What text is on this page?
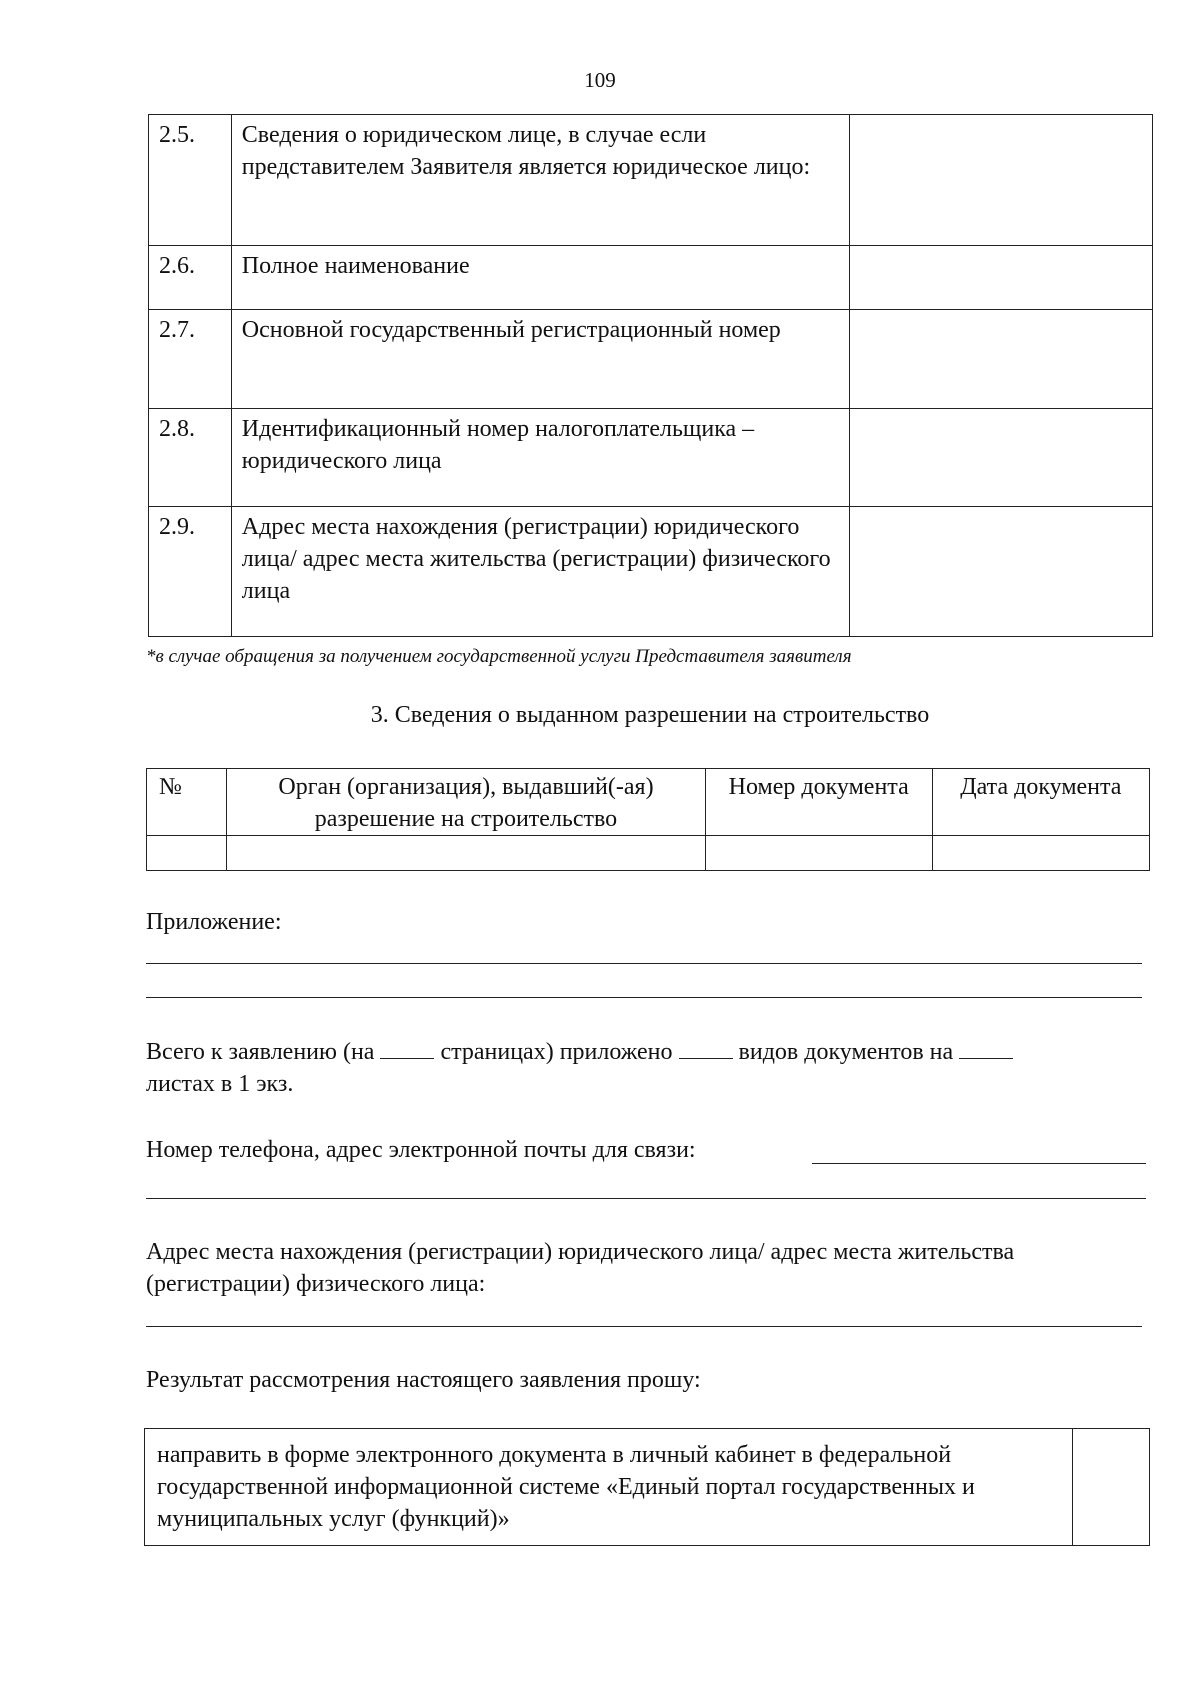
109
2.5.	Сведения о юридическом лице, в случае если представителем Заявителя является юридическое лицо:	
2.6.	Полное наименование	
2.7.	Основной государственный регистрационный номер	
2.8.	Идентификационный номер налогоплательщика – юридического лица	
2.9.	Адрес места нахождения (регистрации) юридического лица/ адрес места жительства (регистрации) физического лица	
*в случае обращения за получением государственной услуги Представителя заявителя
3. Сведения о выданном разрешении на строительство
№	Орган (организация), выдавший(-ая) разрешение на строительство	Номер документа	Дата документа

Приложение:
Всего к заявлению (на	страницах) приложено	видов документов на
листах в 1 экз.
Номер телефона, адрес электронной почты для связи:
Адрес места нахождения (регистрации) юридического лица/ адрес места жительства (регистрации) физического лица:
Результат рассмотрения настоящего заявления прошу:
направить в форме электронного документа в личный кабинет в федеральной государственной информационной системе «Единый портал государственных и муниципальных услуг (функций)»	
